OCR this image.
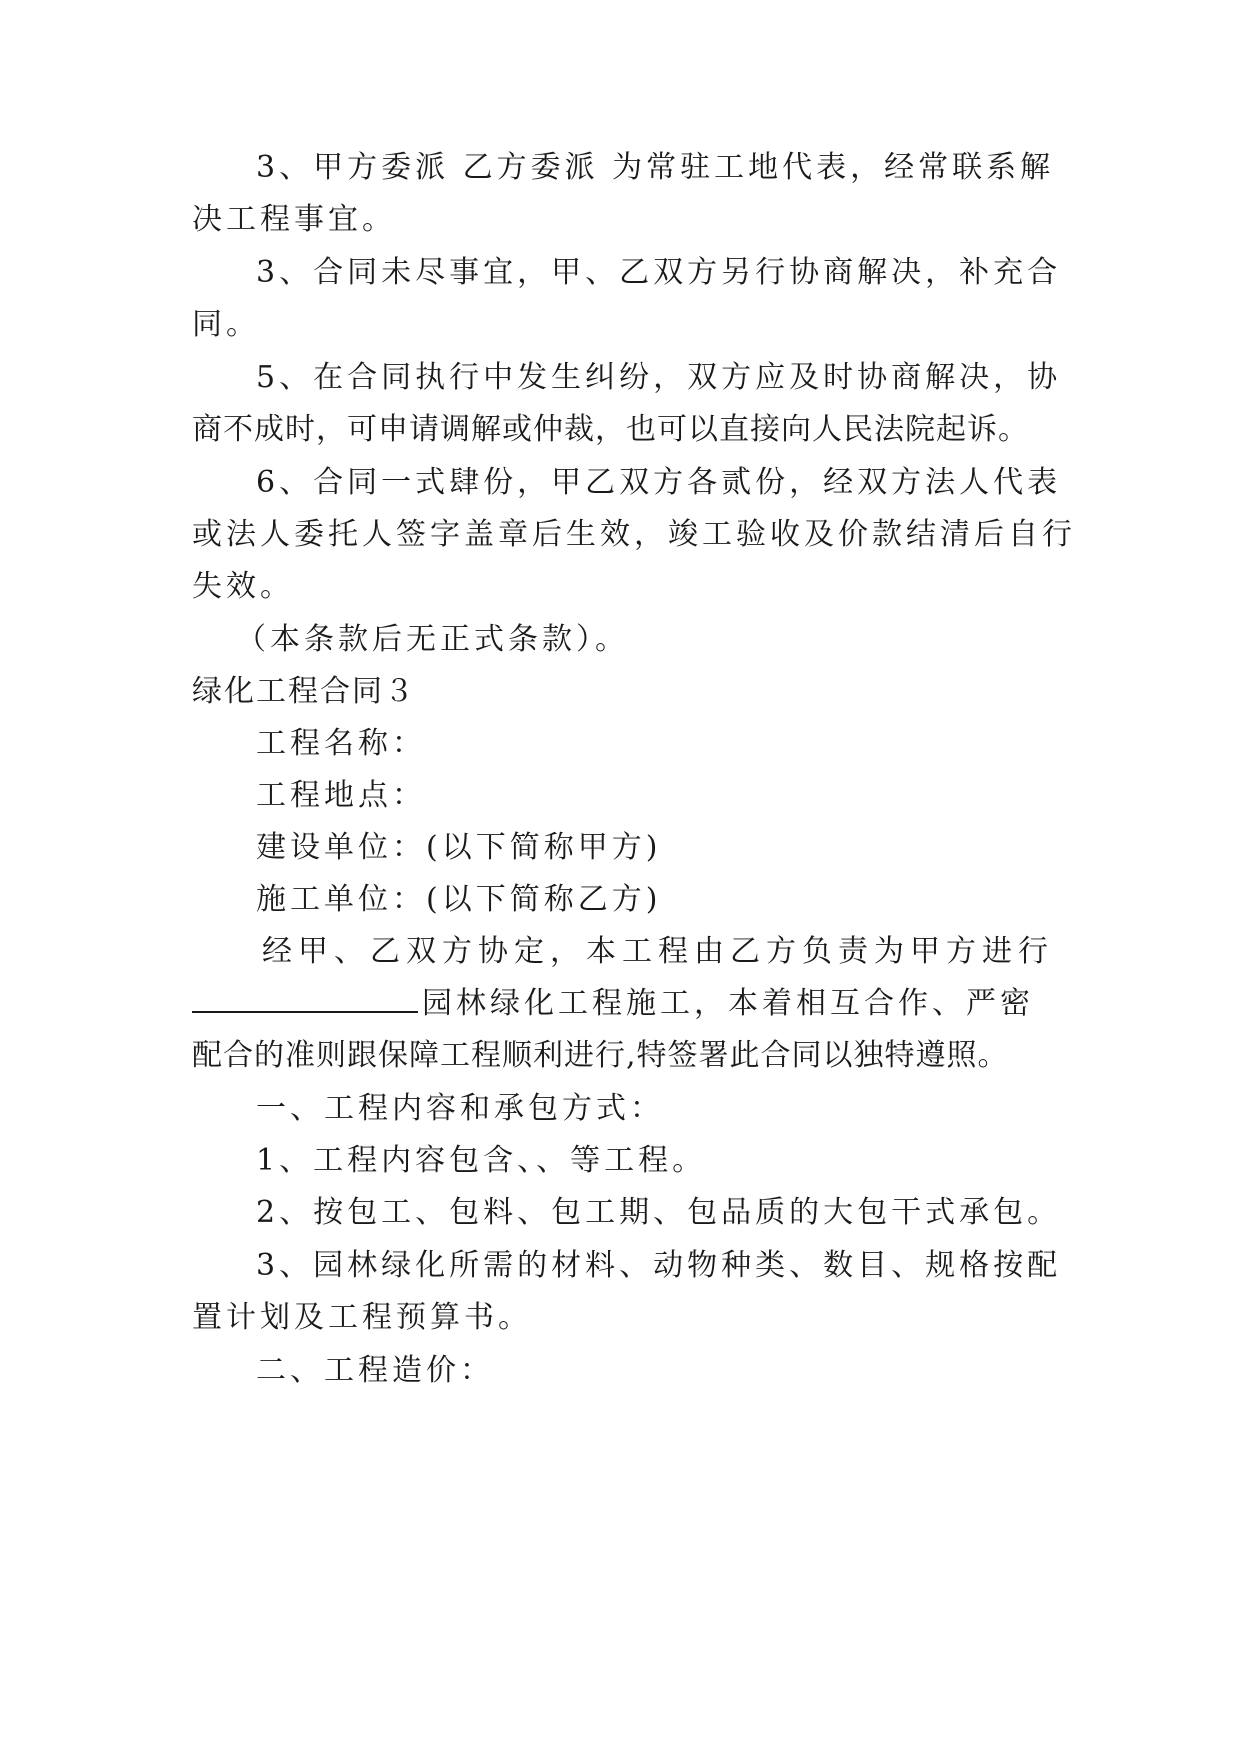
3、甲方委派 乙方委派 为常驻工地代表，经常联系解
决工程事宜。
3、合同未尽事宜，甲、乙双方另行协商解决，补充合
同。
5、在合同执行中发生纠纷，双方应及时协商解决，协
商不成时，可申请调解或仲裁，也可以直接向人民法院起诉。
6、合同一式肆份，甲乙双方各贰份，经双方法人代表
或法人委托人签字盖章后生效，竣工验收及价款结清后自行
失效。
（本条款后无正式条款）。
绿化工程合同３
工程名称：
工程地点：
建设单位：(以下简称甲方)
施工单位：(以下简称乙方)
经甲、乙双方协定，本工程由乙方负责为甲方进行
园林绿化工程施工，本着相互合作、严密
配合的准则跟保障工程顺利进行,特签署此合同以独特遵照。
一、工程内容和承包方式：
1、工程内容包含、、等工程。
2、按包工、包料、包工期、包品质的大包干式承包。
3、园林绿化所需的材料、动物种类、数目、规格按配
置计划及工程预算书。
二、工程造价：
